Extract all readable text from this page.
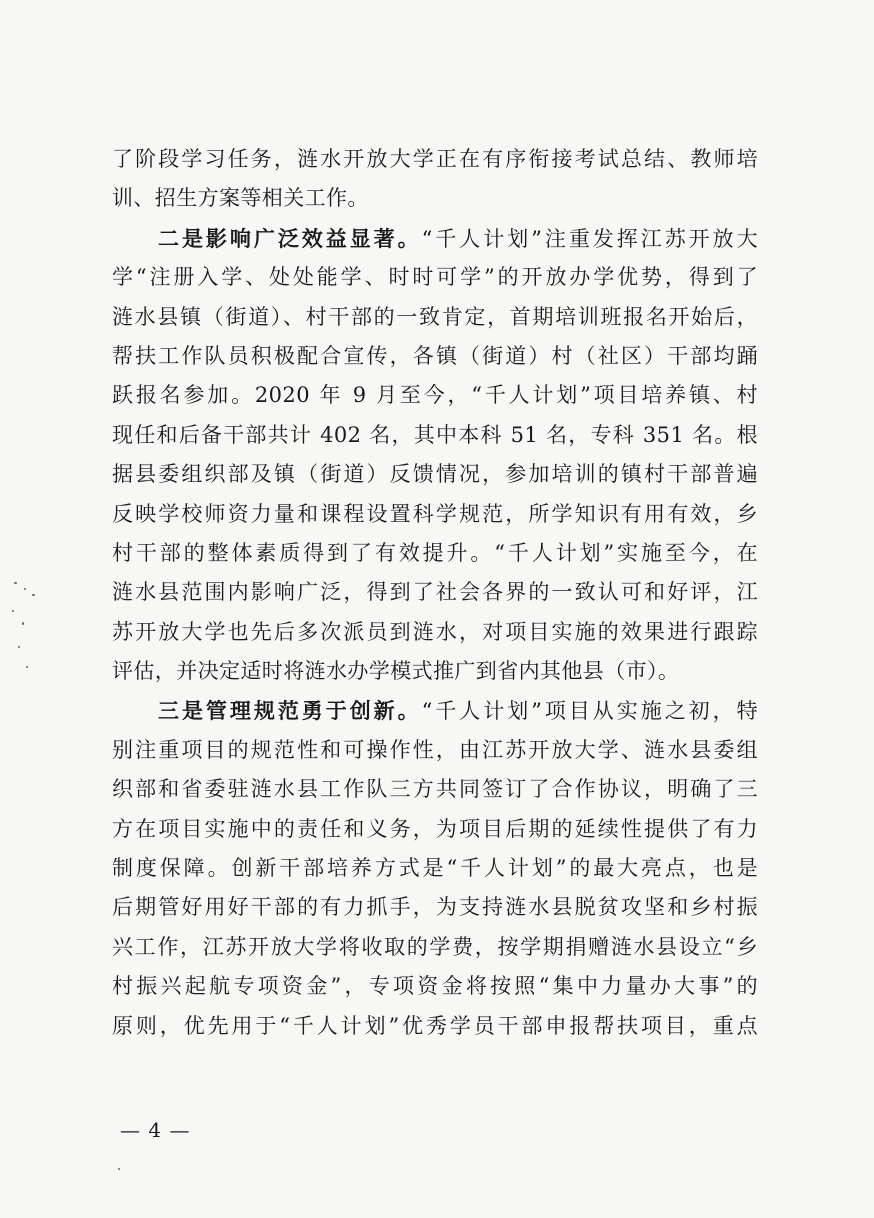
了阶段学习任务，涟水开放大学正在有序衔接考试总结、教师培
训、招生方案等相关工作。
二是影响广泛效益显著。“千人计划”注重发挥江苏开放大
学“注册入学、处处能学、时时可学”的开放办学优势，得到了
涟水县镇（街道）、村干部的一致肯定，首期培训班报名开始后，
帮扶工作队员积极配合宣传，各镇（街道）村（社区）干部均踊
跃报名参加。2020 年 9 月至今，“千人计划”项目培养镇、村
现任和后备干部共计 402 名，其中本科 51 名，专科 351 名。根
据县委组织部及镇（街道）反馈情况，参加培训的镇村干部普遍
反映学校师资力量和课程设置科学规范，所学知识有用有效，乡
村干部的整体素质得到了有效提升。“千人计划”实施至今，在
涟水县范围内影响广泛，得到了社会各界的一致认可和好评，江
苏开放大学也先后多次派员到涟水，对项目实施的效果进行跟踪
评估，并决定适时将涟水办学模式推广到省内其他县（市）。
三是管理规范勇于创新。“千人计划”项目从实施之初，特
别注重项目的规范性和可操作性，由江苏开放大学、涟水县委组
织部和省委驻涟水县工作队三方共同签订了合作协议，明确了三
方在项目实施中的责任和义务，为项目后期的延续性提供了有力
制度保障。创新干部培养方式是“千人计划”的最大亮点，也是
后期管好用好干部的有力抓手，为支持涟水县脱贫攻坚和乡村振
兴工作，江苏开放大学将收取的学费，按学期捐赠涟水县设立“乡
村振兴起航专项资金”，专项资金将按照“集中力量办大事”的
原则，优先用于“千人计划”优秀学员干部申报帮扶项目，重点
— 4 —
